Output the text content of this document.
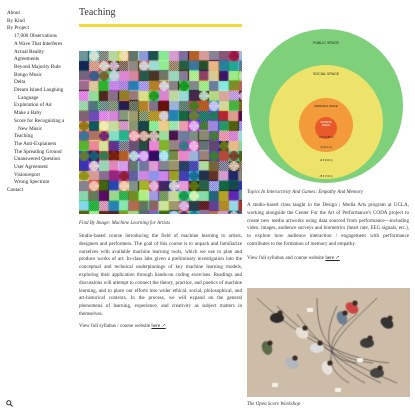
About
By Kind
By Project
17,000 Observations
A Wave That Interferes
Actual Reality
Agreements
Beyond Majority Rule
Bongo Music
Delta
Dream Island Laughing
Language
Exploration of Air
Make a Baby
Score for Recognizing a
New Music
Teaching
The Anti-Explainers
The Spreading Ground
Unanswered Question
User Agreement
Visionreport
Wrong Spectrum
Contact
Teaching
Find By Image: Machine Learning for Artists
Studio-based course introducing the field of machine learning to artists, designers and performers. The goal of this course is to unpack and familiarize ourselves with available machine learning tools, which we use to plan and produce works of art. In-class labs given a preliminary investigation into the conceptual and technical underpinnings of key machine learning models, exploring their application through hands-on coding exercises. Readings and discussions will attempt to connect the theory, practice, and poetics of machine learning, and to place our efforts into wider ethical, social, philosophical, and art-historical contexts. In the process, we will expand on the general phenomena of learning, experience, and creativity as subject matters in themselves.
View full syllabus / course website here ↗
PUBLIC SPACE
SOCIAL SPACE
PERSONAL SPACE
INTIMATE
SPACE
1.5 ft (0.45 m)
4 ft (1.2 m)
12 ft (3.6 m)
25 ft (7.6 m)
Topics In Interactivity And Games: Empathy And Memory
A studio-based class taught in the Design | Media Arts program at UCLA, working alongside the Center For the Art of Performance's CODA project to create new media artworks using data sourced from performance—including video, images, audience surveys and biometrics (heart rate, EEG signals, etc.), to explore how audience interaction / engagement with performance contributes to the formation of memory and empathy.
View full syllabus and course website here ↗
The Open Score Workshop
